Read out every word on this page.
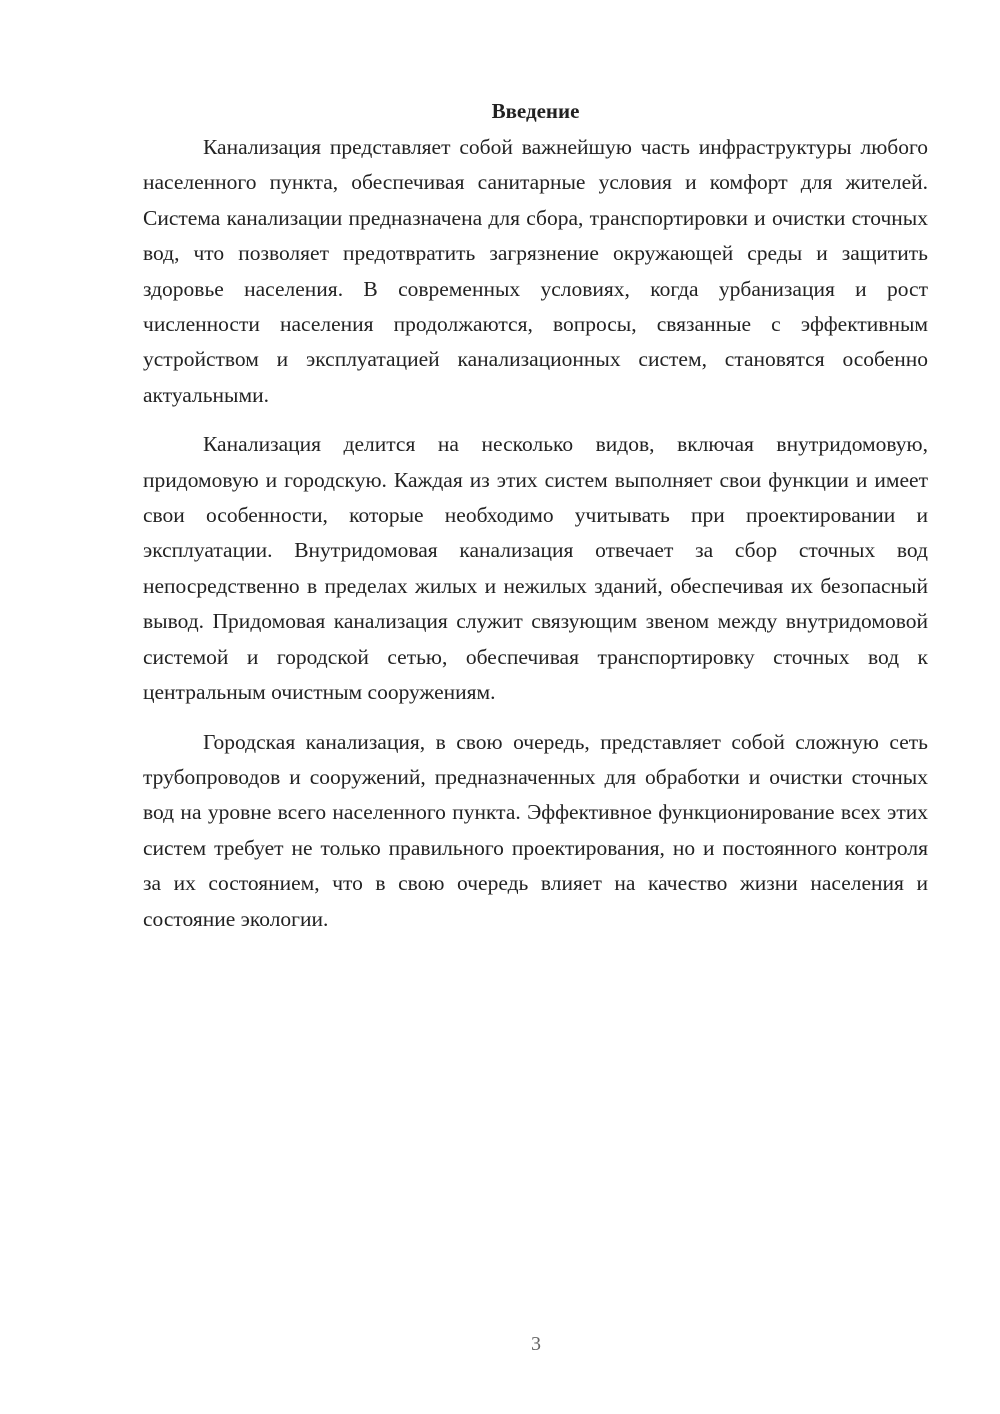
Введение

Канализация представляет собой важнейшую часть инфраструктуры любого населенного пункта, обеспечивая санитарные условия и комфорт для жителей. Система канализации предназначена для сбора, транспортировки и очистки сточных вод, что позволяет предотвратить загрязнение окружающей среды и защитить здоровье населения. В современных условиях, когда урбанизация и рост численности населения продолжаются, вопросы, связанные с эффективным устройством и эксплуатацией канализационных систем, становятся особенно актуальными.

Канализация делится на несколько видов, включая внутридомовую, придомовую и городскую. Каждая из этих систем выполняет свои функции и имеет свои особенности, которые необходимо учитывать при проектировании и эксплуатации. Внутридомовая канализация отвечает за сбор сточных вод непосредственно в пределах жилых и нежилых зданий, обеспечивая их безопасный вывод. Придомовая канализация служит связующим звеном между внутридомовой системой и городской сетью, обеспечивая транспортировку сточных вод к центральным очистным сооружениям.

Городская канализация, в свою очередь, представляет собой сложную сеть трубопроводов и сооружений, предназначенных для обработки и очистки сточных вод на уровне всего населенного пункта. Эффективное функционирование всех этих систем требует не только правильного проектирования, но и постоянного контроля за их состоянием, что в свою очередь влияет на качество жизни населения и состояние экологии.

3
